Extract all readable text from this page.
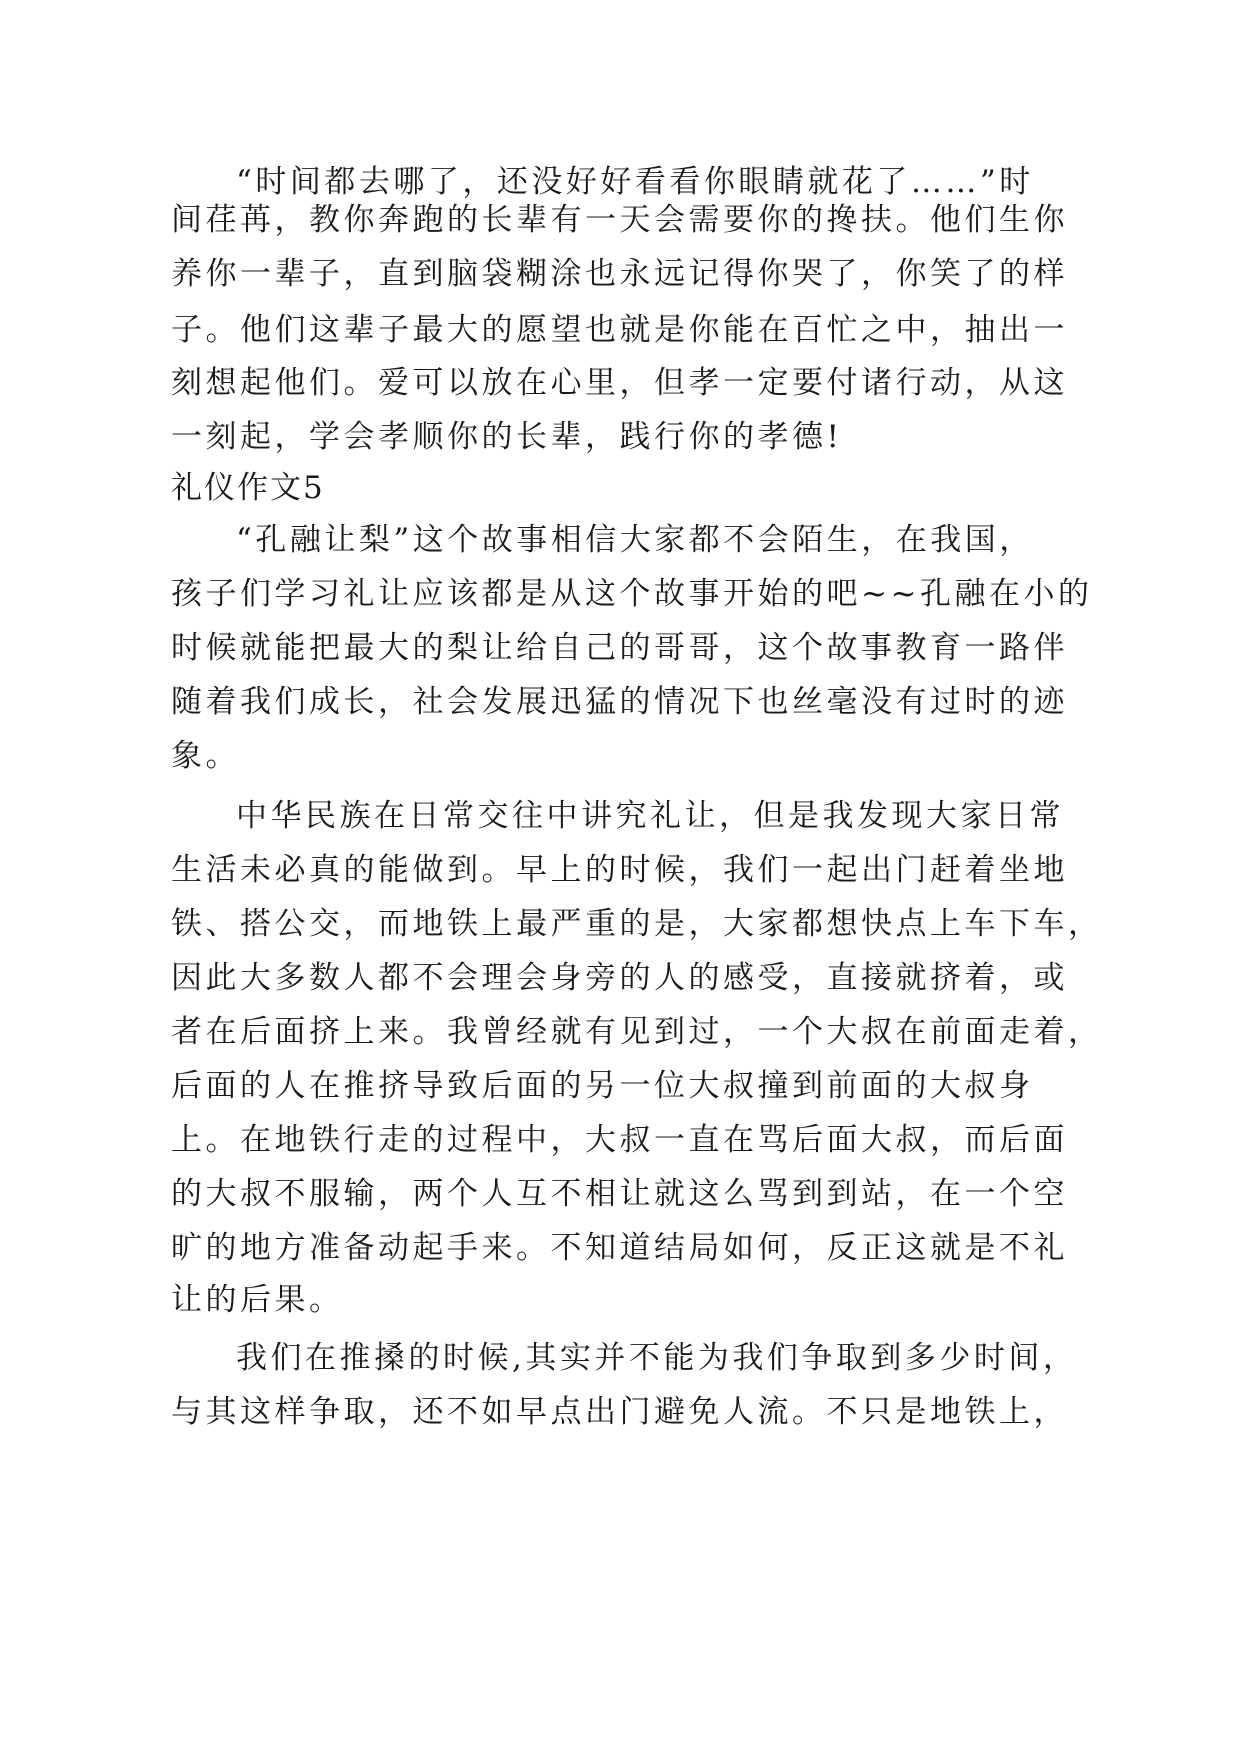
“时间都去哪了，还没好好看看你眼睛就花了……”时
间荏苒，教你奔跑的长辈有一天会需要你的搀扶。他们生你
养你一辈子，直到脑袋糊涂也永远记得你哭了，你笑了的样
子。他们这辈子最大的愿望也就是你能在百忙之中，抽出一
刻想起他们。爱可以放在心里，但孝一定要付诸行动，从这
一刻起，学会孝顺你的长辈，践行你的孝德!
礼仪作文5
“孔融让梨”这个故事相信大家都不会陌生，在我国，
孩子们学习礼让应该都是从这个故事开始的吧~~孔融在小的
时候就能把最大的梨让给自己的哥哥，这个故事教育一路伴
随着我们成长，社会发展迅猛的情况下也丝毫没有过时的迹
象。
中华民族在日常交往中讲究礼让，但是我发现大家日常
生活未必真的能做到。早上的时候，我们一起出门赶着坐地
铁、搭公交，而地铁上最严重的是，大家都想快点上车下车，
因此大多数人都不会理会身旁的人的感受，直接就挤着，或
者在后面挤上来。我曾经就有见到过，一个大叔在前面走着，
后面的人在推挤导致后面的另一位大叔撞到前面的大叔身
上。在地铁行走的过程中，大叔一直在骂后面大叔，而后面
的大叔不服输，两个人互不相让就这么骂到到站，在一个空
旷的地方准备动起手来。不知道结局如何，反正这就是不礼
让的后果。
我们在推搡的时候,其实并不能为我们争取到多少时间，
与其这样争取，还不如早点出门避免人流。不只是地铁上，
